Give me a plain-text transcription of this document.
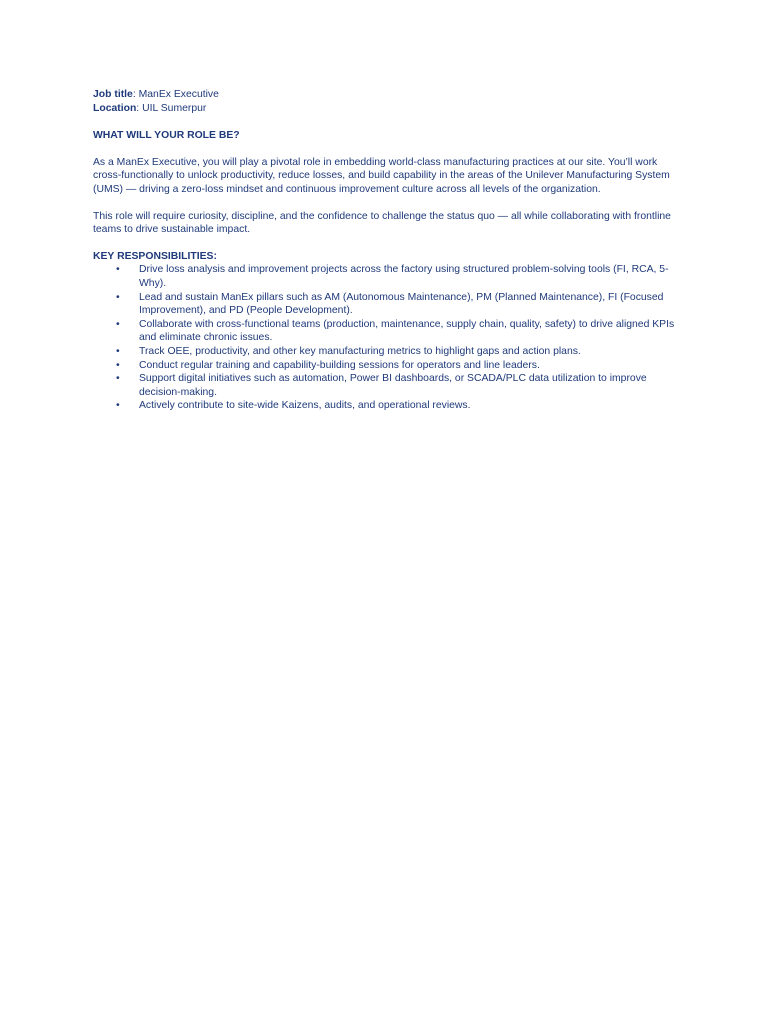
Job title: ManEx Executive

Location: UIL Sumerpur

WHAT WILL YOUR ROLE BE?

As a ManEx Executive, you will play a pivotal role in embedding world-class manufacturing practices at our site. You’ll work cross-functionally to unlock productivity, reduce losses, and build capability in the areas of the Unilever Manufacturing System (UMS) — driving a zero-loss mindset and continuous improvement culture across all levels of the organization.

This role will require curiosity, discipline, and the confidence to challenge the status quo — all while collaborating with frontline teams to drive sustainable impact.

KEY RESPONSIBILITIES:

• Drive loss analysis and improvement projects across the factory using structured problem-solving tools (FI, RCA, 5-Why).
• Lead and sustain ManEx pillars such as AM (Autonomous Maintenance), PM (Planned Maintenance), FI (Focused Improvement), and PD (People Development).
• Collaborate with cross-functional teams (production, maintenance, supply chain, quality, safety) to drive aligned KPIs and eliminate chronic issues.
• Track OEE, productivity, and other key manufacturing metrics to highlight gaps and action plans.
• Conduct regular training and capability-building sessions for operators and line leaders.
• Support digital initiatives such as automation, Power BI dashboards, or SCADA/PLC data utilization to improve decision-making.
• Actively contribute to site-wide Kaizens, audits, and operational reviews.
